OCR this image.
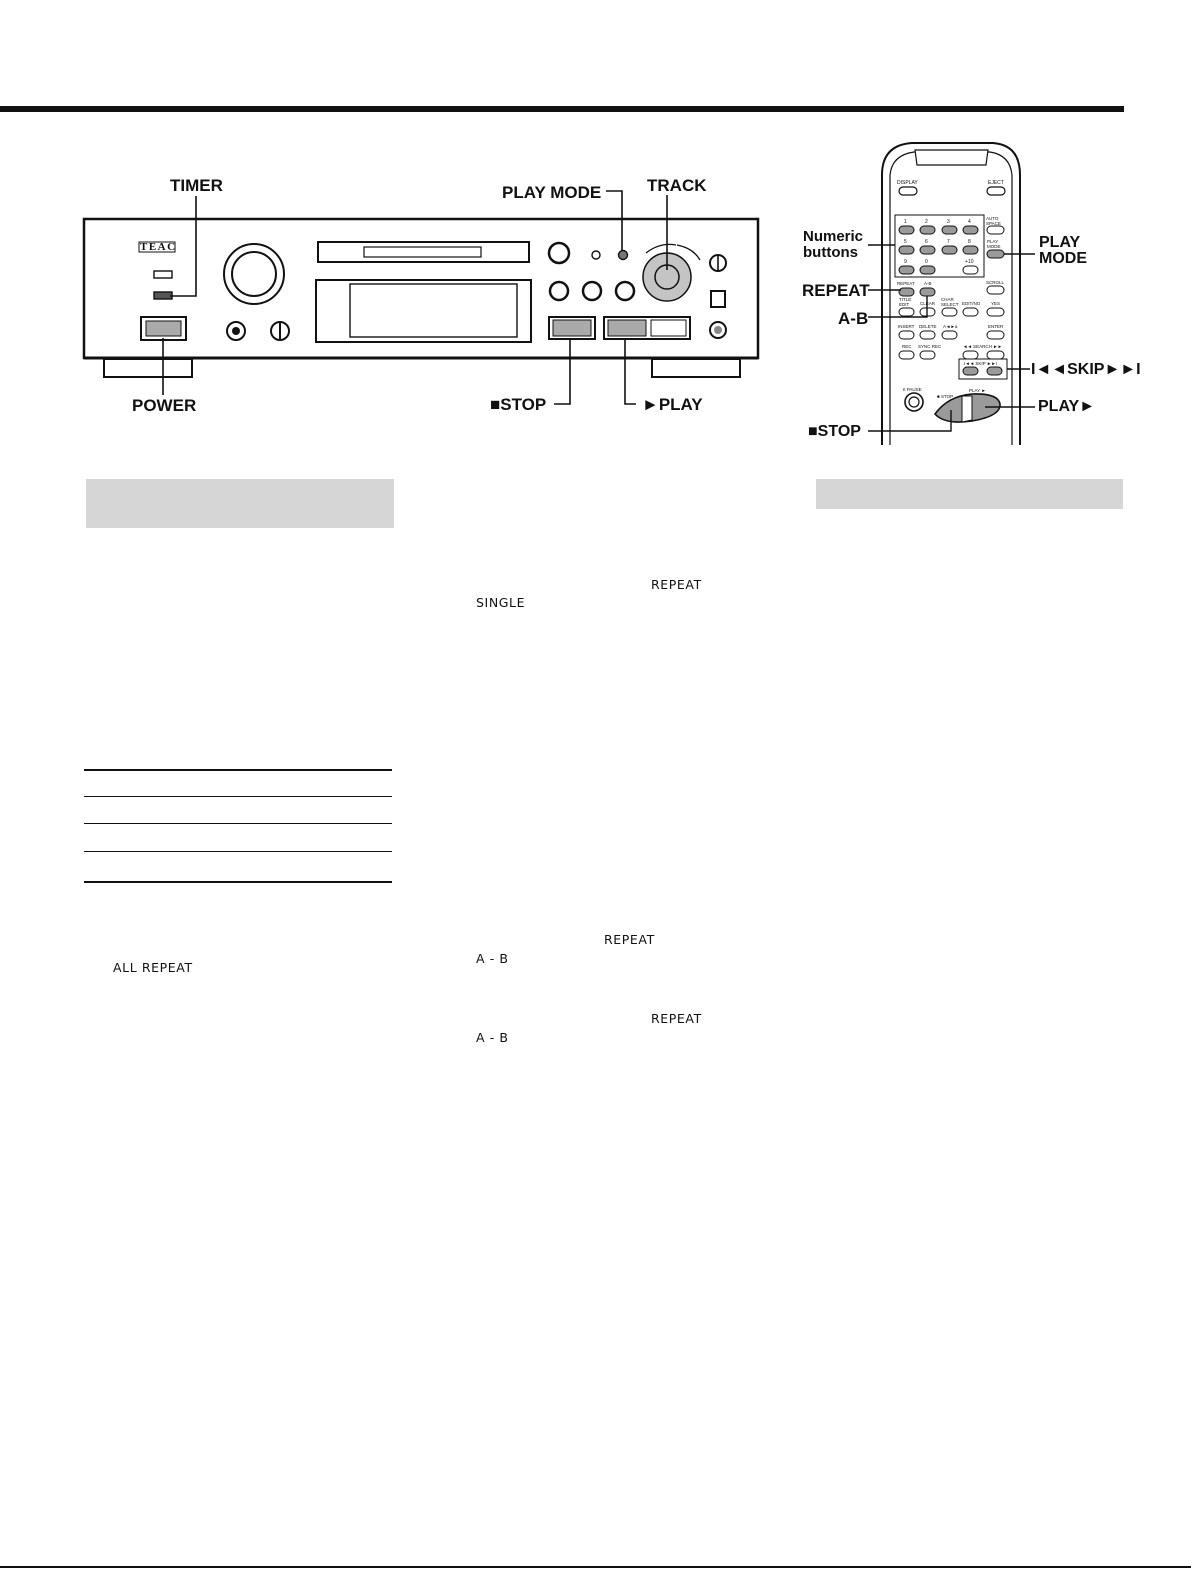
TEAC
TIMER
POWER
PLAY MODE	TRACK
■STOP	►PLAY
DISPLAY	EJECT
1	2	3	4
5	6	7	8
9	0	+10
AUTO SPACE
PLAY MODE
SCROLL
REPEAT A-B
TITLE EDIT	CLEAR
CHAR SELECT EDIT/NO YES
INSERT DELETE A◄►a	ENTER
REC SYNC REC	◄◄ SEARCH ►►
I◄◄ SKIP ►►I
II PAUSE
■ STOP
PLAY ►
Numeric
buttons
REPEAT
A-B
PLAY
MODE
I◄◄SKIP►►I
PLAY►
■STOP
REPEAT
SINGLE
ALL REPEAT
REPEAT
A - B
REPEAT
A - B
